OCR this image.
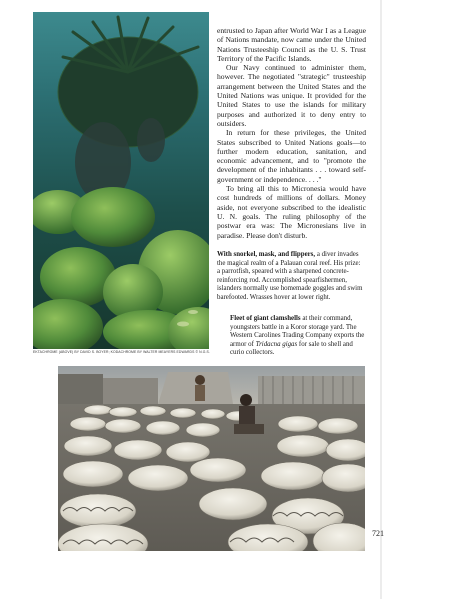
EKTACHROME (ABOVE) BY DAVID S. BOYER; KODACHROME BY WALTER MEAYERS EDWARDS © N.G.S.

entrusted to Japan after World War I as a League of Nations mandate, now came under the United Nations Trusteeship Council as the U. S. Trust Territory of the Pacific Islands.

Our Navy continued to administer them, however. The negotiated "strategic" trusteeship arrangement between the United States and the United Nations was unique. It provided for the United States to use the islands for military purposes and authorized it to deny entry to outsiders.

In return for these privileges, the United States subscribed to United Nations goals—to further modern education, sanitation, and economic advancement, and to "promote the development of the inhabitants . . . toward self-government or independence. . . ."

To bring all this to Micronesia would have cost hundreds of millions of dollars. Money aside, not everyone subscribed to the idealistic U. N. goals. The ruling philosophy of the postwar era was: The Micronesians live in paradise. Please don't disturb.

With snorkel, mask, and flippers, a diver invades the magical realm of a Palauan coral reef. His prize: a parrotfish, speared with a sharpened concrete-reinforcing rod. Accomplished spearfishermen, islanders normally use homemade goggles and swim barefooted. Wrasses hover at lower right.
Fleet of giant clamshells at their command, youngsters battle in a Koror storage yard. The Western Carolines Trading Company exports the armor of Tridacna gigas for sale to shell and curio collectors.
721
